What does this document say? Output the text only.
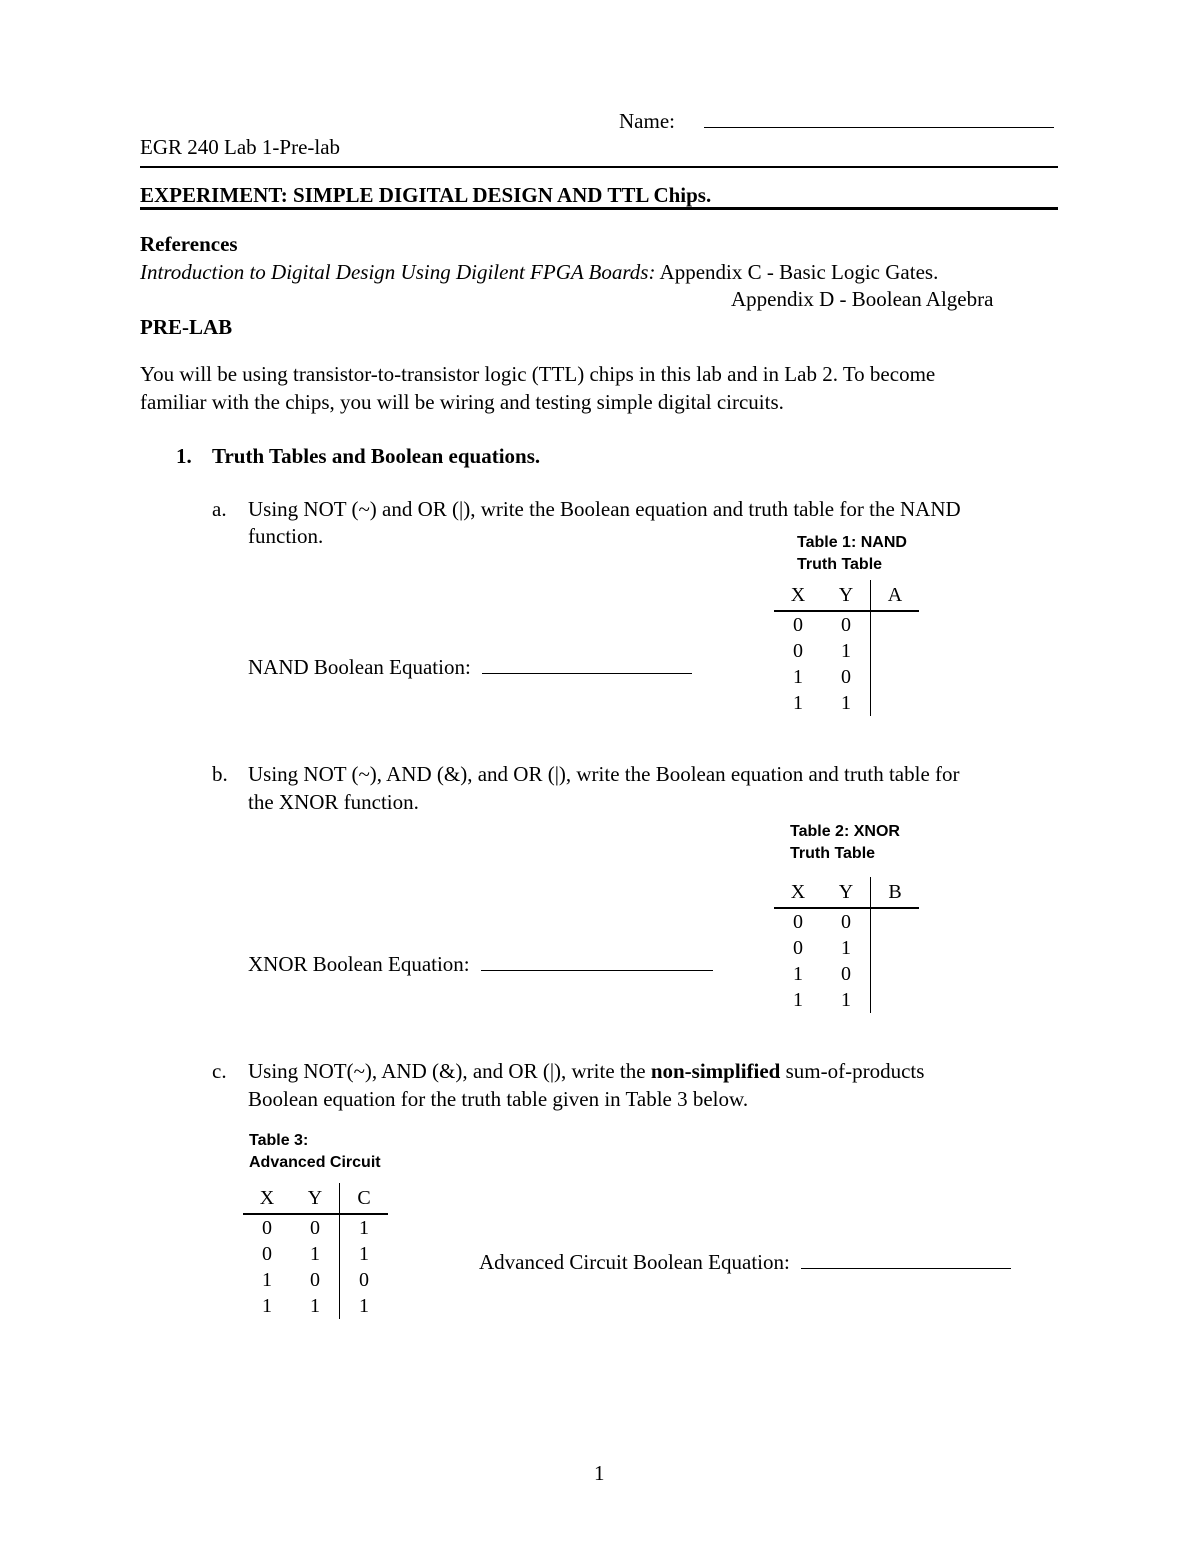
Name:
EGR 240 Lab 1-Pre-lab
EXPERIMENT: SIMPLE DIGITAL DESIGN AND TTL Chips.
References
Introduction to Digital Design Using Digilent FPGA Boards: Appendix C - Basic Logic Gates.
Appendix D - Boolean Algebra
PRE-LAB
You will be using transistor-to-transistor logic (TTL) chips in this lab and in Lab 2. To become
familiar with the chips, you will be wiring and testing simple digital circuits.
1. Truth Tables and Boolean equations.
a. Using NOT (~) and OR (|), write the Boolean equation and truth table for the NAND
function.	Table 1: NAND
Truth Table
X	Y	A
0	0	
0	1	
1	0	
1	1	
NAND Boolean Equation:
b. Using NOT (~), AND (&), and OR (|), write the Boolean equation and truth table for
the XNOR function.
Table 2: XNOR
Truth Table
X	Y	B
0	0	
0	1	
1	0	
1	1	
XNOR Boolean Equation:
c. Using NOT(~), AND (&), and OR (|), write the non-simplified sum-of-products
Boolean equation for the truth table given in Table 3 below.
Table 3:
Advanced Circuit
X	Y	C
0	0	1
0	1	1
1	0	0
1	1	1
Advanced Circuit Boolean Equation:
1
